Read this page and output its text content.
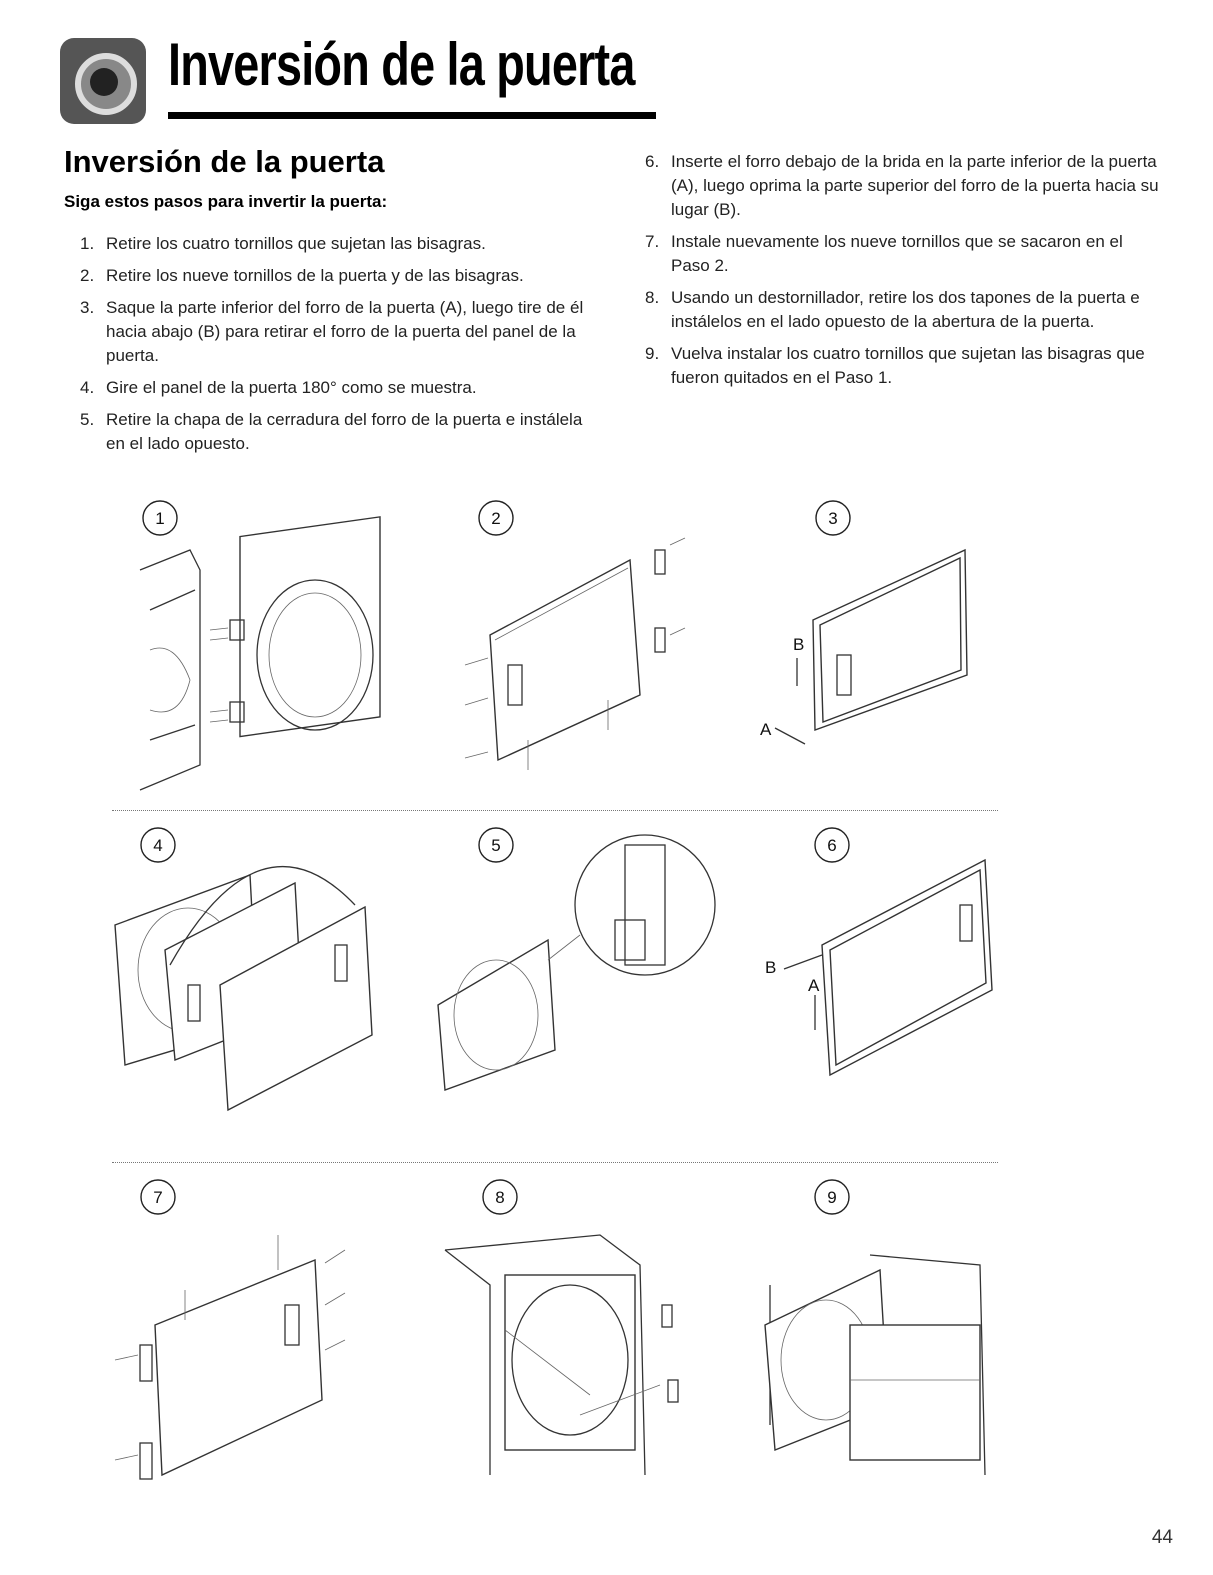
Inversión de la puerta
Inversión de la puerta

Siga estos pasos para invertir la puerta:

1. Retire los cuatro tornillos que sujetan las bisagras.
2. Retire los nueve tornillos de la puerta y de las bisagras.
3. Saque la parte inferior del forro de la puerta (A), luego tire de él hacia abajo (B) para retirar el forro de la puerta del panel de la puerta.
4. Gire el panel de la puerta 180° como se muestra.
5. Retire la chapa de la cerradura del forro de la puerta e instálela en el lado opuesto.
6. Inserte el forro debajo de la brida en la parte inferior de la puerta (A), luego oprima la parte superior del forro de la puerta hacia su lugar (B).
7. Instale nuevamente los nueve tornillos que se sacaron en el Paso 2.
8. Usando un destornillador, retire los dos tapones de la puerta e instálelos en el lado opuesto de la abertura de la puerta.
9. Vuelva instalar los cuatro tornillos que sujetan las bisagras que fueron quitados en el Paso 1.
1	2	3
B
A
4	5	6
B
A
7	8	9
44
